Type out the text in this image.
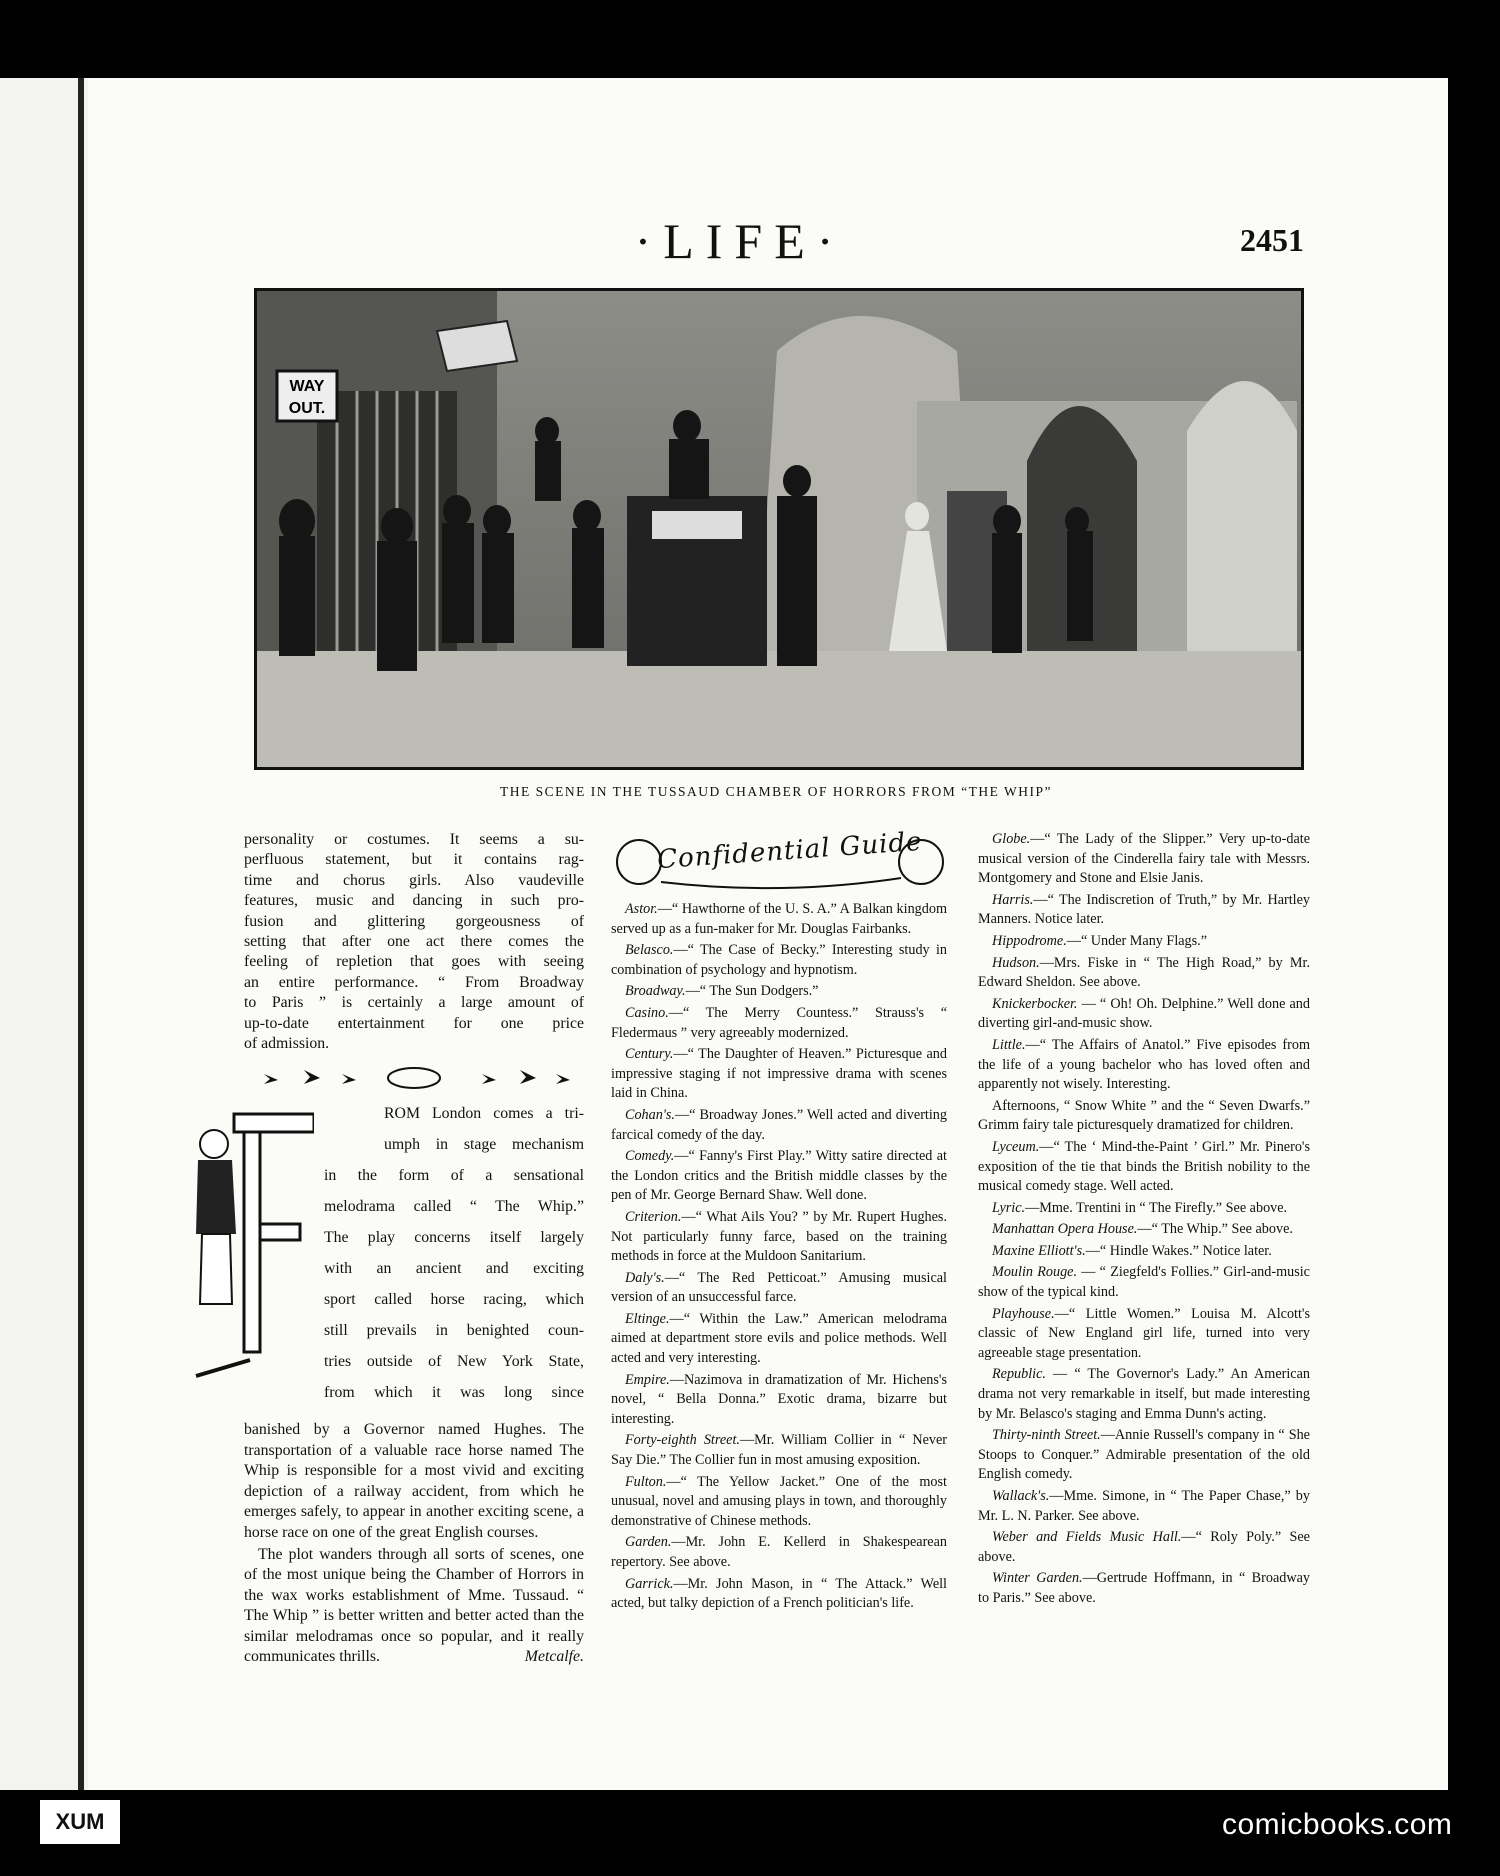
·LIFE·	2451
WAY
OUT.
THE SCENE IN THE TUSSAUD CHAMBER OF HORRORS FROM “THE WHIP”
personality or costumes. It seems a su-
perfluous statement, but it contains rag-
time and chorus girls. Also vaudeville
features, music and dancing in such pro-
fusion and glittering gorgeousness of
setting that after one act there comes the
feeling of repletion that goes with seeing
an entire performance. “ From Broadway
to Paris ” is certainly a large amount of
up-to-date entertainment for one price
of admission.
ROM London comes a tri-
umph in stage mechanism
in the form of a sensational
melodrama called “ The Whip.”
The play concerns itself largely
with an ancient and exciting
sport called horse racing, which
still prevails in benighted coun-
tries outside of New York State,
from which it was long since

banished by a Governor named Hughes. The transportation of a valuable race horse named The Whip is responsible for a most vivid and exciting depiction of a railway accident, from which he emerges safely, to appear in another exciting scene, a horse race on one of the great English courses.

The plot wanders through all sorts of scenes, one of the most unique being the Chamber of Horrors in the wax works establishment of Mme. Tussaud. “ The Whip ” is better written and better acted than the similar melodramas once so popular, and it really communicates thrills.	Metcalfe.

Confidential Guide

Astor.—“ Hawthorne of the U. S. A.” A Balkan kingdom served up as a fun-maker for Mr. Douglas Fairbanks.

Belasco.—“ The Case of Becky.” Interesting study in combination of psychology and hypnotism.

Broadway.—“ The Sun Dodgers.”

Casino.—“ The Merry Countess.” Strauss's “ Fledermaus ” very agreeably modernized.

Century.—“ The Daughter of Heaven.” Picturesque and impressive staging if not impressive drama with scenes laid in China.

Cohan's.—“ Broadway Jones.” Well acted and diverting farcical comedy of the day.

Comedy.—“ Fanny's First Play.” Witty satire directed at the London critics and the British middle classes by the pen of Mr. George Bernard Shaw. Well done.

Criterion.—“ What Ails You? ” by Mr. Rupert Hughes. Not particularly funny farce, based on the training methods in force at the Muldoon Sanitarium.

Daly's.—“ The Red Petticoat.” Amusing musical version of an unsuccessful farce.

Eltinge.—“ Within the Law.” American melodrama aimed at department store evils and police methods. Well acted and very interesting.

Empire.—Nazimova in dramatization of Mr. Hichens's novel, “ Bella Donna.” Exotic drama, bizarre but interesting.

Forty-eighth Street.—Mr. William Collier in “ Never Say Die.” The Collier fun in most amusing exposition.

Fulton.—“ The Yellow Jacket.” One of the most unusual, novel and amusing plays in town, and thoroughly demonstrative of Chinese methods.

Garden.—Mr. John E. Kellerd in Shakespearean repertory. See above.

Garrick.—Mr. John Mason, in “ The Attack.” Well acted, but talky depiction of a French politician's life.

Globe.—“ The Lady of the Slipper.” Very up-to-date musical version of the Cinderella fairy tale with Messrs. Montgomery and Stone and Elsie Janis.

Harris.—“ The Indiscretion of Truth,” by Mr. Hartley Manners. Notice later.

Hippodrome.—“ Under Many Flags.”

Hudson.—Mrs. Fiske in “ The High Road,” by Mr. Edward Sheldon. See above.

Knickerbocker. — “ Oh! Oh. Delphine.” Well done and diverting girl-and-music show.

Little.—“ The Affairs of Anatol.” Five episodes from the life of a young bachelor who has loved often and apparently not wisely. Interesting.

Afternoons, “ Snow White ” and the “ Seven Dwarfs.” Grimm fairy tale picturesquely dramatized for children.

Lyceum.—“ The ‘ Mind-the-Paint ’ Girl.” Mr. Pinero's exposition of the tie that binds the British nobility to the musical comedy stage. Well acted.

Lyric.—Mme. Trentini in “ The Firefly.” See above.

Manhattan Opera House.—“ The Whip.” See above.

Maxine Elliott's.—“ Hindle Wakes.” Notice later.

Moulin Rouge. — “ Ziegfeld's Follies.” Girl-and-music show of the typical kind.

Playhouse.—“ Little Women.” Louisa M. Alcott's classic of New England girl life, turned into very agreeable stage presentation.

Republic. — “ The Governor's Lady.” An American drama not very remarkable in itself, but made interesting by Mr. Belasco's staging and Emma Dunn's acting.

Thirty-ninth Street.—Annie Russell's company in “ She Stoops to Conquer.” Admirable presentation of the old English comedy.

Wallack's.—Mme. Simone, in “ The Paper Chase,” by Mr. L. N. Parker. See above.

Weber and Fields Music Hall.—“ Roly Poly.” See above.

Winter Garden.—Gertrude Hoffmann, in “ Broadway to Paris.” See above.

XUM	comicbooks.com
